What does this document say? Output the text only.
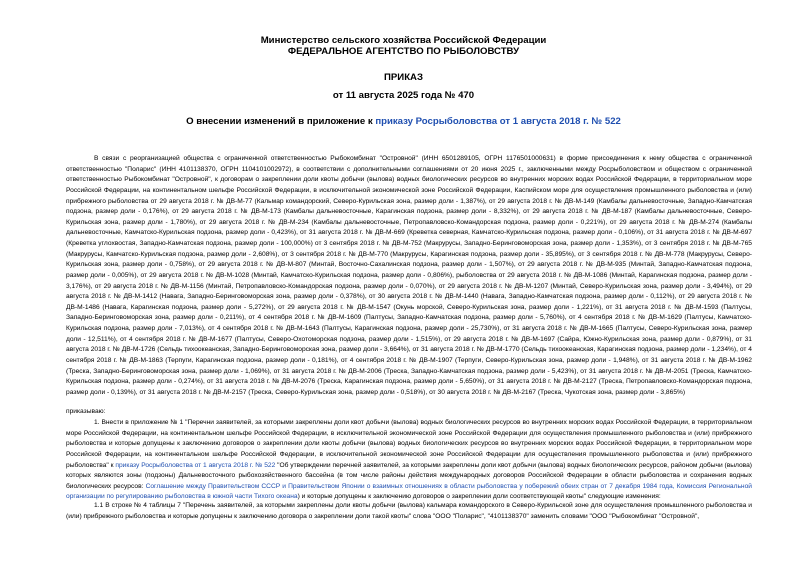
Министерство сельского хозяйства Российской Федерации
ФЕДЕРАЛЬНОЕ АГЕНТСТВО ПО РЫБОЛОВСТВУ
ПРИКАЗ
от 11 августа 2025 года № 470
О внесении изменений в приложение к приказу Росрыболовства от 1 августа 2018 г. № 522

В связи с реорганизацией общества с ограниченной ответственностью Рыбокомбинат "Островной" (ИНН 6501289105, ОГРН 1176501000631) в форме присоединения к нему общества с ограниченной ответственностью "Поларис" (ИНН 4101138370, ОГРН 1104101002972), в соответствии с дополнительными соглашениями от 20 июня 2025 г., заключенными между Росрыболовством и обществом с ограниченной ответственностью Рыбокомбинат "Островной", к договорам о закреплении доли квоты добычи (вылова) водных биологических ресурсов во внутренних морских водах Российской Федерации, в территориальном море Российской Федерации, на континентальном шельфе Российской Федерации, в исключительной экономической зоне Российской Федерации, Каспийском море для осуществления промышленного рыболовства и (или) прибрежного рыболовства от 29 августа 2018 г. № ДВ-М-77 (Кальмар командорский, Северо-Курильская зона, размер доли - 1,387%), от 29 августа 2018 г. № ДВ-М-149 (Камбалы дальневосточные, Западно-Камчатская подзона, размер доли - 0,176%), от 29 августа 2018 г. № ДВ-М-173 (Камбалы дальневосточные, Карагинская подзона, размер доли - 8,332%), от 29 августа 2018 г. № ДВ-М-187 (Камбалы дальневосточные, Северо-Курильская зона, размер доли - 1,780%), от 29 августа 2018 г. № ДВ-М-234 (Камбалы дальневосточные, Петропавловско-Командорская подзона, размер доли - 0,221%), от 29 августа 2018 г. № ДВ-М-274 (Камбалы дальневосточные, Камчатско-Курильская подзона, размер доли - 0,423%), от 31 августа 2018 г. № ДВ-М-669 (Креветка северная, Камчатско-Курильская подзона, размер доли - 0,106%), от 31 августа 2018 г. № ДВ-М-697 (Креветка углохвостая, Западно-Камчатская подзона, размер доли - 100,000%) от 3 сентября 2018 г. № ДВ-М-752 (Макрурусы, Западно-Беринговоморская зона, размер доли - 1,353%), от 3 сентября 2018 г. № ДВ-М-765 (Макрурусы, Камчатско-Курильская подзона, размер доли - 2,608%), от 3 сентября 2018 г. № ДВ-М-770 (Макрурусы, Карагинская подзона, размер доли - 35,895%), от 3 сентября 2018 г. № ДВ-М-778 (Макрурусы, Северо-Курильская зона, размер доли - 0,758%), от 29 августа 2018 г. № ДВ-М-807 (Минтай, Восточно-Сахалинская подзона, размер доли - 1,507%), от 29 августа 2018 г. № ДВ-М-935 (Минтай, Западно-Камчатская подзона, размер доли - 0,005%), от 29 августа 2018 г. № ДВ-М-1028 (Минтай, Камчатско-Курильская подзона, размер доли - 0,806%), рыболовства от 29 августа 2018 г. № ДВ-М-1086 (Минтай, Карагинская подзона, размер доли - 3,176%), от 29 августа 2018 г. № ДВ-М-1156 (Минтай, Петропавловско-Командорская подзона, размер доли - 0,070%), от 29 августа 2018 г. № ДВ-М-1207 (Минтай, Северо-Курильская зона, размер доли - 3,494%), от 29 августа 2018 г. № ДВ-М-1412 (Навага, Западно-Беринговоморская зона, размер доли - 0,378%), от 30 августа 2018 г. № ДВ-М-1440 (Навага, Западно-Камчатская подзона, размер доли - 0,112%), от 29 августа 2018 г. № ДВ-М-1486 (Навага, Карагинская подзона, размер доли - 5,272%), от 29 августа 2018 г. № ДВ-М-1547 (Окунь морской, Северо-Курильская зона, размер доли - 1,221%), от 31 августа 2018 г. № ДВ-М-1593 (Палтусы, Западно-Беринговоморская зона, размер доли - 0,211%), от 4 сентября 2018 г. № ДВ-М-1609 (Палтусы, Западно-Камчатская подзона, размер доли - 5,760%), от 4 сентября 2018 г. № ДВ-М-1629 (Палтусы, Камчатско-Курильская подзона, размер доли - 7,013%), от 4 сентября 2018 г. № ДВ-М-1643 (Палтусы, Карагинская подзона, размер доли - 25,730%), от 31 августа 2018 г. № ДВ-М-1665 (Палтусы, Северо-Курильская зона, размер доли - 12,511%), от 4 сентября 2018 г. № ДВ-М-1677 (Палтусы, Северо-Охотоморская подзона, размер доли - 1,515%), от 29 августа 2018 г. № ДВ-М-1697 (Сайра, Южно-Курильская зона, размер доли - 0,879%), от 31 августа 2018 г. № ДВ-М-1726 (Сельдь тихоокеанская, Западно-Беринговоморская зона, размер доли - 3,664%), от 31 августа 2018 г. № ДВ-М-1770 (Сельдь тихоокеанская, Карагинская подзона, размер доли - 1,234%), от 4 сентября 2018 г. № ДВ-М-1863 (Терпуги, Карагинская подзона, размер доли - 0,181%), от 4 сентября 2018 г. № ДВ-М-1907 (Терпуги, Северо-Курильская зона, размер доли - 1,948%), от 31 августа 2018 г. № ДВ-М-1962 (Треска, Западно-Беринговоморская зона, размер доли - 1,069%), от 31 августа 2018 г. № ДВ-М-2006 (Треска, Западно-Камчатская подзона, размер доли - 5,423%), от 31 августа 2018 г. № ДВ-М-2051 (Треска, Камчатско-Курильская подзона, размер доли - 0,274%), от 31 августа 2018 г. № ДВ-М-2076 (Треска, Карагинская подзона, размер доли - 5,650%), от 31 августа 2018 г. № ДВ-М-2127 (Треска, Петропавловско-Командорская подзона, размер доли - 0,139%), от 31 августа 2018 г. № ДВ-М-2157 (Треска, Северо-Курильская зона, размер доли - 0,518%), от 30 августа 2018 г. № ДВ-М-2167 (Треска, Чукотская зона, размер доли - 3,865%)

приказываю:

1. Внести в приложение № 1 "Перечни заявителей, за которыми закреплены доли квот добычи (вылова) водных биологических ресурсов во внутренних морских водах Российской Федерации, в территориальном море Российской Федерации, на континентальном шельфе Российской Федерации, в исключительной экономической зоне Российской Федерации для осуществления промышленного рыболовства и (или) прибрежного рыболовства и которые допущены к заключению договоров о закреплении доли квоты добычи (вылова) водных биологических ресурсов во внутренних морских водах Российской Федерации, в территориальном море Российской Федерации, на континентальном шельфе Российской Федерации, в исключительной экономической зоне Российской Федерации для осуществления промышленного рыболовства и (или) прибрежного рыболовства" к приказу Росрыболовства от 1 августа 2018 г. № 522 "Об утверждении перечней заявителей, за которыми закреплены доли квот добычи (вылова) водных биологических ресурсов, районом добычи (вылова) которых являются зоны (подзоны) Дальневосточного рыбохозяйственного бассейна (в том числе районы действия международных договоров Российской Федерации в области рыболовства и сохранения водных биологических ресурсов: Соглашение между Правительством СССР и Правительством Японии о взаимных отношениях в области рыболовства у побережий обеих стран от 7 декабря 1984 года, Комиссия Региональной организации по регулированию рыболовства в южной части Тихого океана) и которые допущены к заключению договоров о закреплении доли соответствующей квоты" следующие изменения:

1.1 В строке № 4 таблицы 7 "Перечень заявителей, за которыми закреплены доли квоты добычи (вылова) кальмара командорского в Северо-Курильской зоне для осуществления промышленного рыболовства и (или) прибрежного рыболовства и которые допущены к заключению договора о закреплении доли такой квоты" слова "ООО "Поларис", "4101138370" заменить словами "ООО "Рыбокомбинат "Островной",
